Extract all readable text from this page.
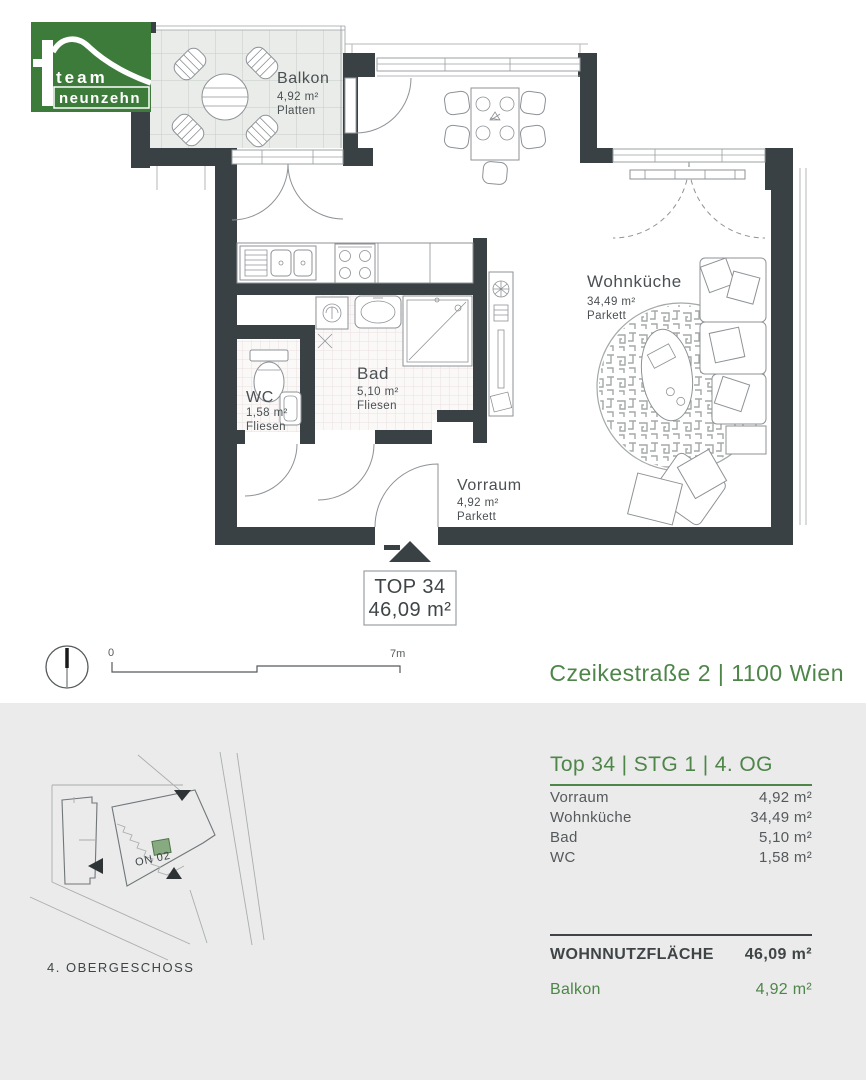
Balkon
4,92 m²
Platten
Wohnküche
34,49 m²
Parkett
Bad
5,10 m²
Fliesen
WC
1,58 m²
Fliesen
Vorraum
4,92 m²
Parkett
TOP 34
46,09 m²
0	7m
team
neunzehn
Czeikestraße 2 | 1100 Wien
ON 02
4. OBERGESCHOSS
Top 34 | STG 1 | 4. OG
Vorraum	4,92 m²
Wohnküche	34,49 m²
Bad	5,10 m²
WC	1,58 m²
WOHNNUTZFLÄCHE 46,09 m²
Balkon	4,92 m²
